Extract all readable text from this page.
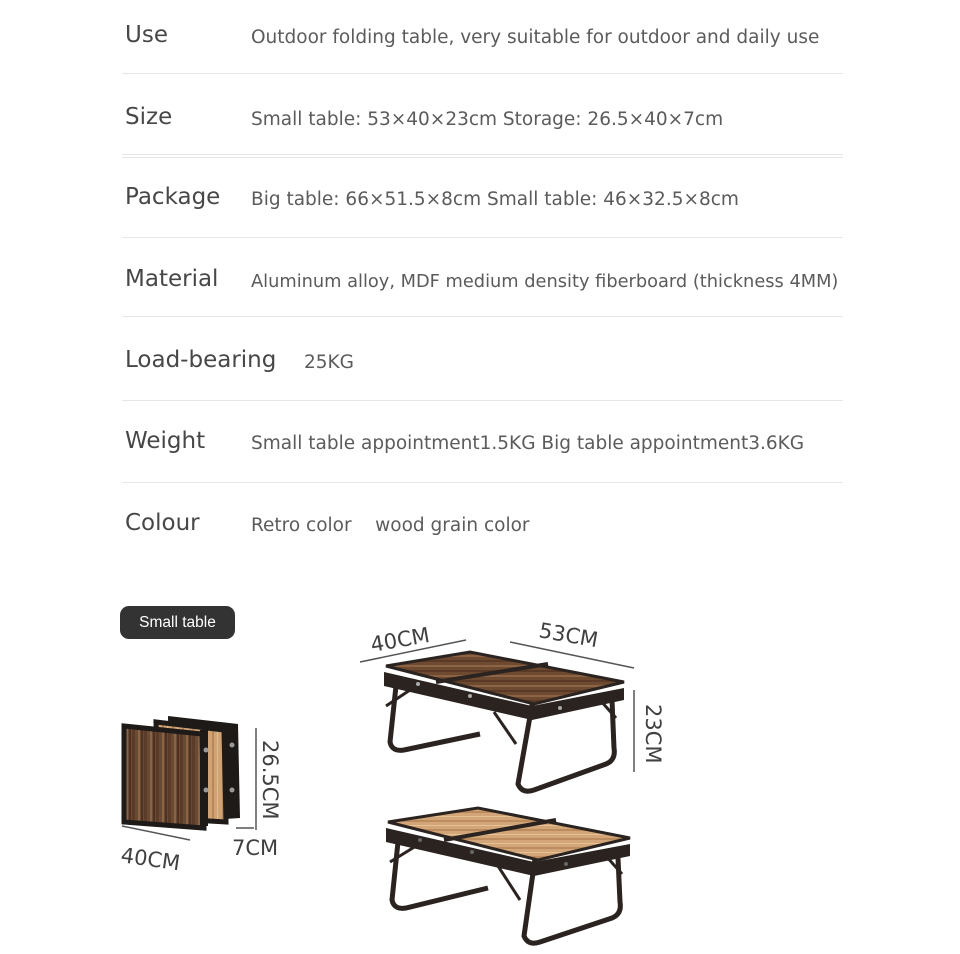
Use	Outdoor folding table, very suitable for outdoor and daily use
Size	Small table: 53×40×23cm Storage: 26.5×40×7cm
Package Big table: 66×51.5×8cm Small table: 46×32.5×8cm
Material Aluminum alloy, MDF medium density fiberboard (thickness 4MM)
Load-bearing 25KG
Weight Small table appointment1.5KG Big table appointment3.6KG
Colour	Retro color    wood grain color
Small table
40CM 7CM
26.5CM
40CM	53CM
23CM
